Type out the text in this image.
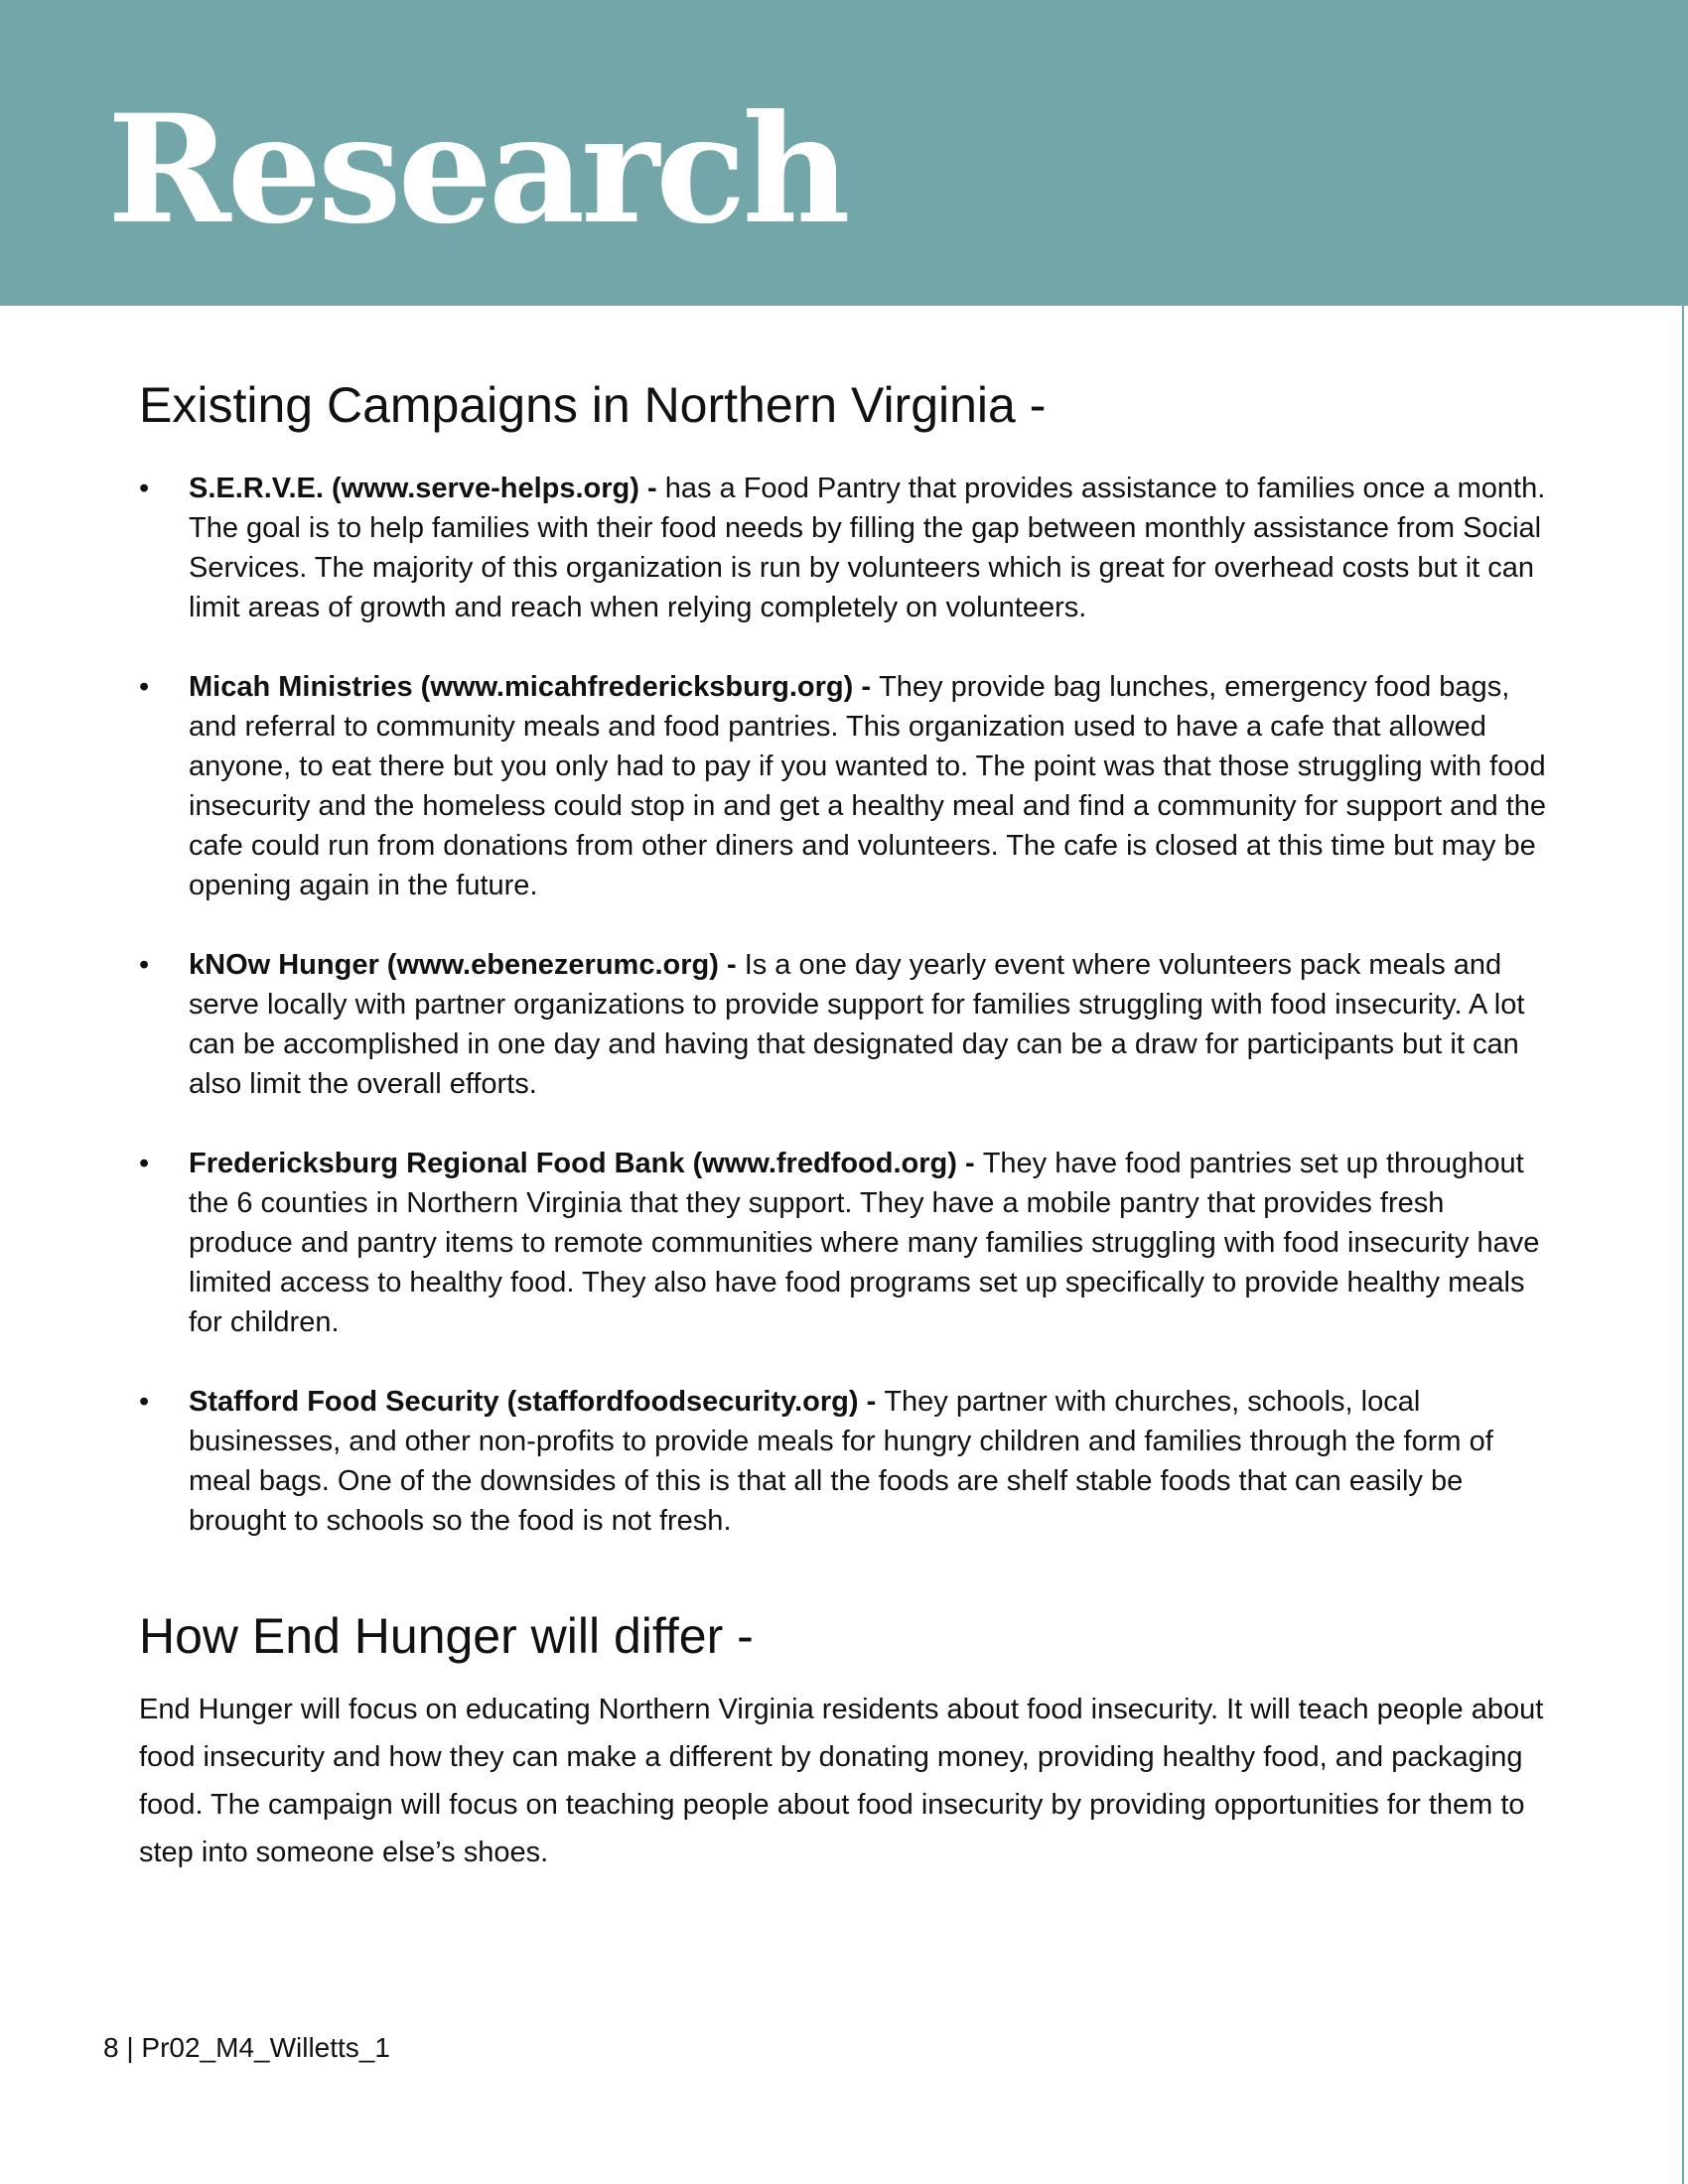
Research
Existing Campaigns in Northern Virginia -
• S.E.R.V.E. (www.serve-helps.org) - has a Food Pantry that provides assistance to families once a month. The goal is to help families with their food needs by filling the gap between monthly assistance from Social Services. The majority of this organization is run by volunteers which is great for overhead costs but it can limit areas of growth and reach when relying completely on volunteers.
• Micah Ministries (www.micahfredericksburg.org) - They provide bag lunches, emergency food bags, and referral to community meals and food pantries. This organization used to have a cafe that allowed anyone, to eat there but you only had to pay if you wanted to. The point was that those struggling with food insecurity and the homeless could stop in and get a healthy meal and find a community for support and the cafe could run from donations from other diners and volunteers. The cafe is closed at this time but may be opening again in the future.
• kNOw Hunger (www.ebenezerumc.org) - Is a one day yearly event where volunteers pack meals and serve locally with partner organizations to provide support for families struggling with food insecurity. A lot can be accomplished in one day and having that designated day can be a draw for participants but it can also limit the overall efforts.
• Fredericksburg Regional Food Bank (www.fredfood.org) - They have food pantries set up throughout the 6 counties in Northern Virginia that they support. They have a mobile pantry that provides fresh produce and pantry items to remote communities where many families struggling with food insecurity have limited access to healthy food. They also have food programs set up specifically to provide healthy meals for children.
• Stafford Food Security (staffordfoodsecurity.org) - They partner with churches, schools, local businesses, and other non-profits to provide meals for hungry children and families through the form of meal bags. One of the downsides of this is that all the foods are shelf stable foods that can easily be brought to schools so the food is not fresh.
How End Hunger will differ -

End Hunger will focus on educating Northern Virginia residents about food insecurity. It will teach people about food insecurity and how they can make a different by donating money, providing healthy food, and packaging food. The campaign will focus on teaching people about food insecurity by providing opportunities for them to step into someone else’s shoes.

8 | Pr02_M4_Willetts_1
